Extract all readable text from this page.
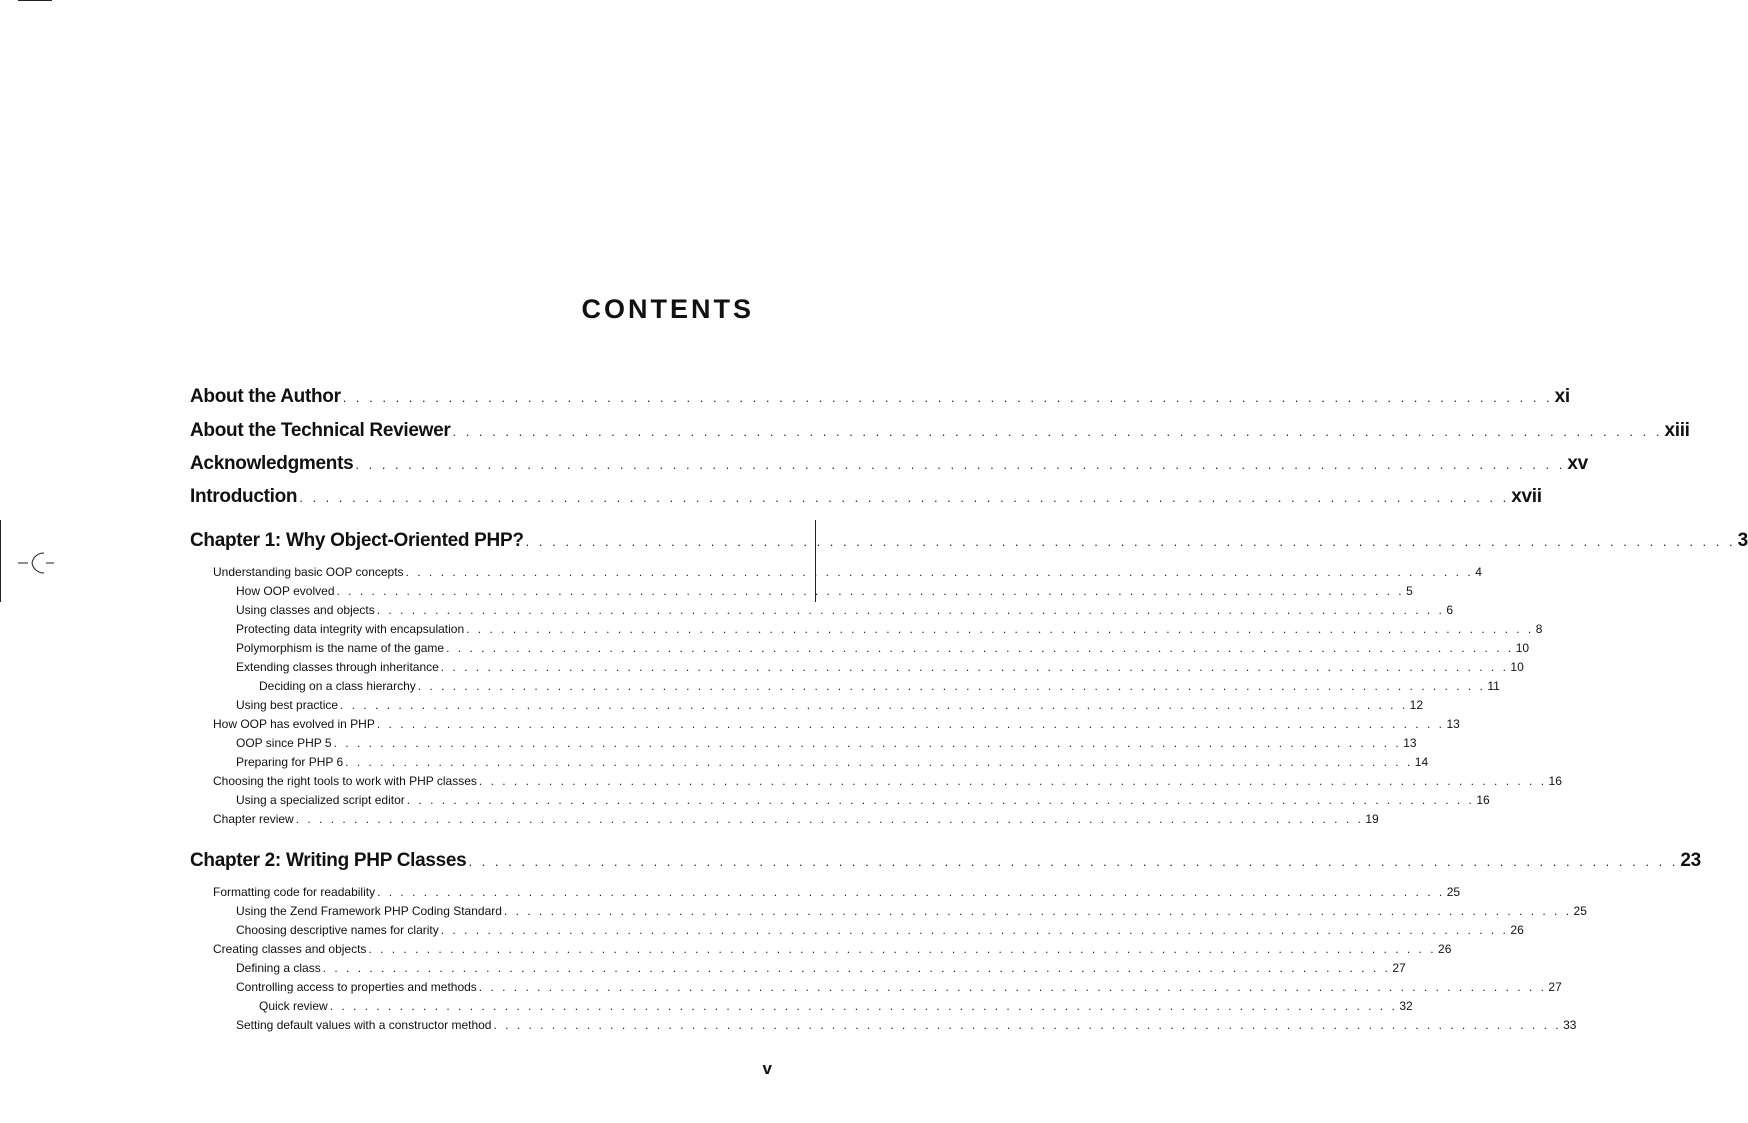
CONTENTS
About the Author . . . . . . . . . . . . . . . . . . . . . . . . . . . . . . . . . . . . . . . . . . . . . . . . . . . . . . . . . . . . . . . . . . . . . . . . . . . . . . . . . . . . . . . . . . . . xi
About the Technical Reviewer . . . . . . . . . . . . . . . . . . . . . . . . . . . . . . . . . . . . . . . . . . . . . . . . . . . . . . . . . . . . . . . . . . . . . . . . . . . . . . . . . . . . . . . . . . . . xiii
Acknowledgments . . . . . . . . . . . . . . . . . . . . . . . . . . . . . . . . . . . . . . . . . . . . . . . . . . . . . . . . . . . . . . . . . . . . . . . . . . . . . . . . . . . . . . . . . . . . xv
Introduction . . . . . . . . . . . . . . . . . . . . . . . . . . . . . . . . . . . . . . . . . . . . . . . . . . . . . . . . . . . . . . . . . . . . . . . . . . . . . . . . . . . . . . . . . . . . xvii
Chapter 1: Why Object-Oriented PHP? . . . . . . . . . . . . . . . . . . . . . . . . . . . . . . . . . . . . . . . . . . . . . . . . . . . . . . . . . . . . . . . . . . . . . . . . . . . . . . . . . . . . . . . . . . . . 3
Understanding basic OOP concepts . . . . . . . . . . . . . . . . . . . . . . . . . . . . . . . . . . . . . . . . . . . . . . . . . . . . . . . . . . . . . . . . . . . . . . . . . . . . . . . . . . . . . . . . . . . . 4
How OOP evolved . . . . . . . . . . . . . . . . . . . . . . . . . . . . . . . . . . . . . . . . . . . . . . . . . . . . . . . . . . . . . . . . . . . . . . . . . . . . . . . . . . . . . . . . . . . . 5
Using classes and objects . . . . . . . . . . . . . . . . . . . . . . . . . . . . . . . . . . . . . . . . . . . . . . . . . . . . . . . . . . . . . . . . . . . . . . . . . . . . . . . . . . . . . . . . . . . . 6
Protecting data integrity with encapsulation . . . . . . . . . . . . . . . . . . . . . . . . . . . . . . . . . . . . . . . . . . . . . . . . . . . . . . . . . . . . . . . . . . . . . . . . . . . . . . . . . . . . . . . . . . . . 8
Polymorphism is the name of the game . . . . . . . . . . . . . . . . . . . . . . . . . . . . . . . . . . . . . . . . . . . . . . . . . . . . . . . . . . . . . . . . . . . . . . . . . . . . . . . . . . . . . . . . . . . . 10
Extending classes through inheritance . . . . . . . . . . . . . . . . . . . . . . . . . . . . . . . . . . . . . . . . . . . . . . . . . . . . . . . . . . . . . . . . . . . . . . . . . . . . . . . . . . . . . . . . . . . . 10
Deciding on a class hierarchy . . . . . . . . . . . . . . . . . . . . . . . . . . . . . . . . . . . . . . . . . . . . . . . . . . . . . . . . . . . . . . . . . . . . . . . . . . . . . . . . . . . . . . . . . . . . 11
Using best practice . . . . . . . . . . . . . . . . . . . . . . . . . . . . . . . . . . . . . . . . . . . . . . . . . . . . . . . . . . . . . . . . . . . . . . . . . . . . . . . . . . . . . . . . . . . . 12
How OOP has evolved in PHP . . . . . . . . . . . . . . . . . . . . . . . . . . . . . . . . . . . . . . . . . . . . . . . . . . . . . . . . . . . . . . . . . . . . . . . . . . . . . . . . . . . . . . . . . . . . 13
OOP since PHP 5 . . . . . . . . . . . . . . . . . . . . . . . . . . . . . . . . . . . . . . . . . . . . . . . . . . . . . . . . . . . . . . . . . . . . . . . . . . . . . . . . . . . . . . . . . . . . 13
Preparing for PHP 6 . . . . . . . . . . . . . . . . . . . . . . . . . . . . . . . . . . . . . . . . . . . . . . . . . . . . . . . . . . . . . . . . . . . . . . . . . . . . . . . . . . . . . . . . . . . . 14
Choosing the right tools to work with PHP classes . . . . . . . . . . . . . . . . . . . . . . . . . . . . . . . . . . . . . . . . . . . . . . . . . . . . . . . . . . . . . . . . . . . . . . . . . . . . . . . . . . . . . . . . . . . . 16
Using a specialized script editor . . . . . . . . . . . . . . . . . . . . . . . . . . . . . . . . . . . . . . . . . . . . . . . . . . . . . . . . . . . . . . . . . . . . . . . . . . . . . . . . . . . . . . . . . . . . 16
Chapter review . . . . . . . . . . . . . . . . . . . . . . . . . . . . . . . . . . . . . . . . . . . . . . . . . . . . . . . . . . . . . . . . . . . . . . . . . . . . . . . . . . . . . . . . . . . . 19
Chapter 2: Writing PHP Classes . . . . . . . . . . . . . . . . . . . . . . . . . . . . . . . . . . . . . . . . . . . . . . . . . . . . . . . . . . . . . . . . . . . . . . . . . . . . . . . . . . . . . . . . . . . . 23
Formatting code for readability . . . . . . . . . . . . . . . . . . . . . . . . . . . . . . . . . . . . . . . . . . . . . . . . . . . . . . . . . . . . . . . . . . . . . . . . . . . . . . . . . . . . . . . . . . . . 25
Using the Zend Framework PHP Coding Standard . . . . . . . . . . . . . . . . . . . . . . . . . . . . . . . . . . . . . . . . . . . . . . . . . . . . . . . . . . . . . . . . . . . . . . . . . . . . . . . . . . . . . . . . . . . . 25
Choosing descriptive names for clarity . . . . . . . . . . . . . . . . . . . . . . . . . . . . . . . . . . . . . . . . . . . . . . . . . . . . . . . . . . . . . . . . . . . . . . . . . . . . . . . . . . . . . . . . . . . . 26
Creating classes and objects . . . . . . . . . . . . . . . . . . . . . . . . . . . . . . . . . . . . . . . . . . . . . . . . . . . . . . . . . . . . . . . . . . . . . . . . . . . . . . . . . . . . . . . . . . . . 26
Defining a class . . . . . . . . . . . . . . . . . . . . . . . . . . . . . . . . . . . . . . . . . . . . . . . . . . . . . . . . . . . . . . . . . . . . . . . . . . . . . . . . . . . . . . . . . . . . 27
Controlling access to properties and methods . . . . . . . . . . . . . . . . . . . . . . . . . . . . . . . . . . . . . . . . . . . . . . . . . . . . . . . . . . . . . . . . . . . . . . . . . . . . . . . . . . . . . . . . . . . . 27
Quick review . . . . . . . . . . . . . . . . . . . . . . . . . . . . . . . . . . . . . . . . . . . . . . . . . . . . . . . . . . . . . . . . . . . . . . . . . . . . . . . . . . . . . . . . . . . . 32
Setting default values with a constructor method . . . . . . . . . . . . . . . . . . . . . . . . . . . . . . . . . . . . . . . . . . . . . . . . . . . . . . . . . . . . . . . . . . . . . . . . . . . . . . . . . . . . . . . . . . . . 33
v
